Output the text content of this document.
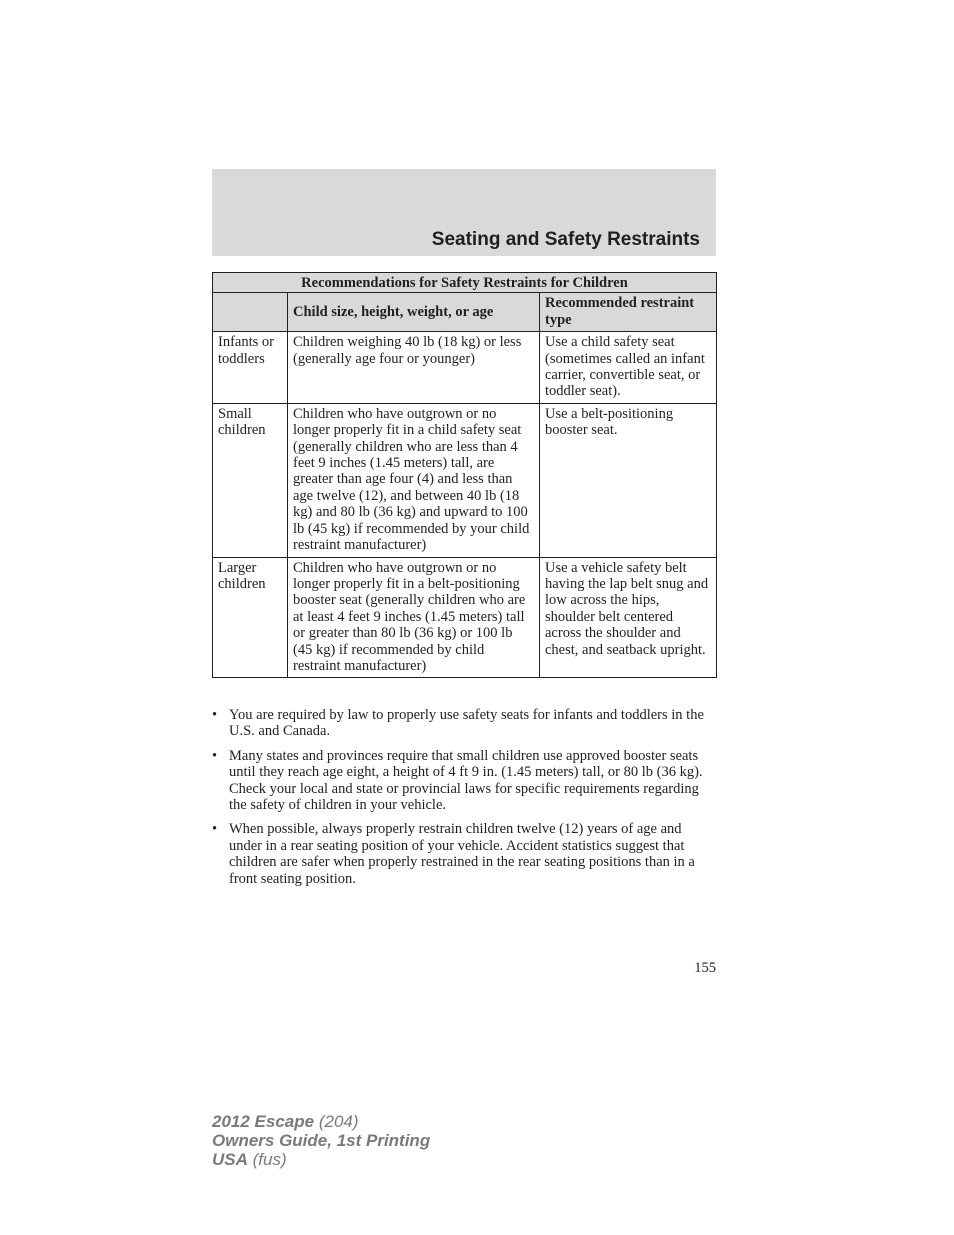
Seating and Safety Restraints
Recommendations for Safety Restraints for Children		
	Child size, height, weight, or age	Recommended restraint type
Infants or toddlers	Children weighing 40 lb (18 kg) or less (generally age four or younger)	Use a child safety seat (sometimes called an infant carrier, convertible seat, or toddler seat).
Small children	Children who have outgrown or no longer properly fit in a child safety seat (generally children who are less than 4 feet 9 inches (1.45 meters) tall, are greater than age four (4) and less than age twelve (12), and between 40 lb (18 kg) and 80 lb (36 kg) and upward to 100 lb (45 kg) if recommended by your child restraint manufacturer)	Use a belt-positioning booster seat.
Larger children	Children who have outgrown or no longer properly fit in a belt-positioning booster seat (generally children who are at least 4 feet 9 inches (1.45 meters) tall or greater than 80 lb (36 kg) or 100 lb (45 kg) if recommended by child restraint manufacturer)	Use a vehicle safety belt having the lap belt snug and low across the hips, shoulder belt centered across the shoulder and chest, and seatback upright.
• You are required by law to properly use safety seats for infants and toddlers in the U.S. and Canada.
• Many states and provinces require that small children use approved booster seats until they reach age eight, a height of 4 ft 9 in. (1.45 meters) tall, or 80 lb (36 kg). Check your local and state or provincial laws for specific requirements regarding the safety of children in your vehicle.
• When possible, always properly restrain children twelve (12) years of age and under in a rear seating position of your vehicle. Accident statistics suggest that children are safer when properly restrained in the rear seating positions than in a front seating position.
155
2012 Escape (204)
Owners Guide, 1st Printing
USA (fus)
